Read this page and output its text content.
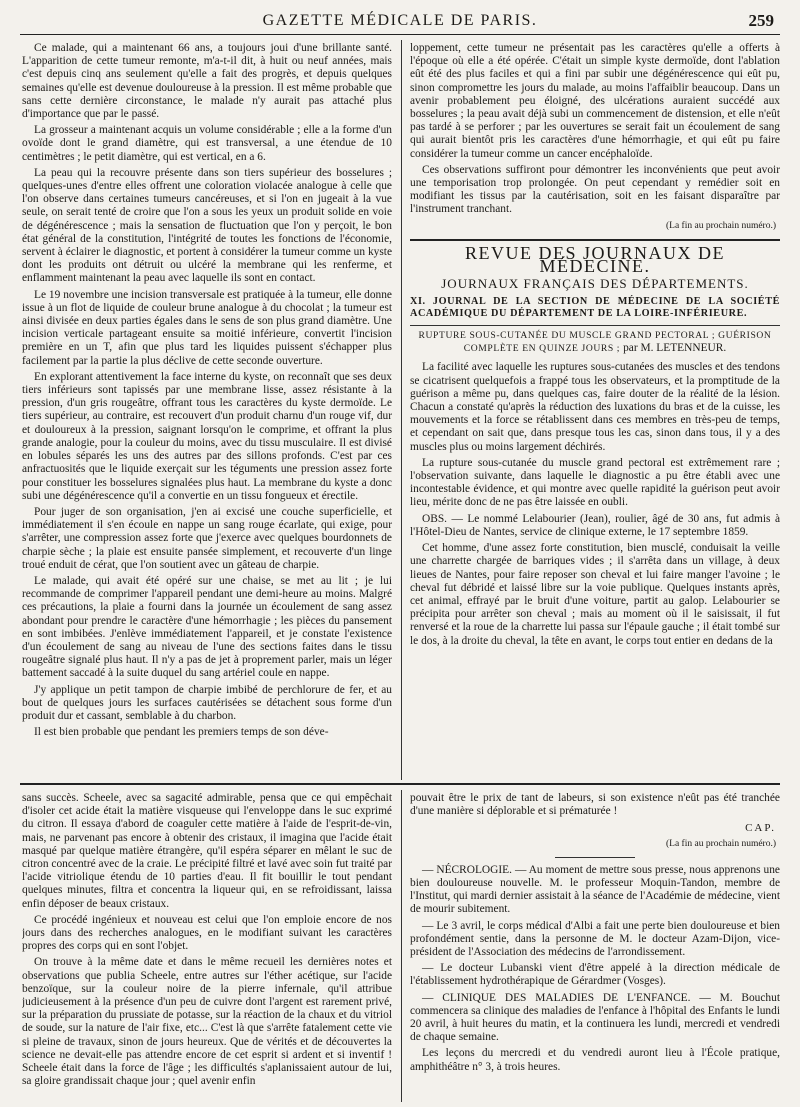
GAZETTE MÉDICALE DE PARIS.	259

Ce malade, qui a maintenant 66 ans, a toujours joui d'une brillante santé. L'apparition de cette tumeur remonte, m'a-t-il dit, à huit ou neuf années, mais c'est depuis cinq ans seulement qu'elle a fait des progrès, et depuis quelques semaines qu'elle est devenue douloureuse à la pression. Il est même probable que sans cette dernière circonstance, le malade n'y aurait pas attaché plus d'importance que par le passé.

La grosseur a maintenant acquis un volume considérable ; elle a la forme d'un ovoïde dont le grand diamètre, qui est transversal, a une étendue de 10 centimètres ; le petit diamètre, qui est vertical, en a 6.

La peau qui la recouvre présente dans son tiers supérieur des bosselures ; quelques-unes d'entre elles offrent une coloration violacée analogue à celle que l'on observe dans certaines tumeurs cancéreuses, et si l'on en jugeait à la vue seule, on serait tenté de croire que l'on a sous les yeux un produit solide en voie de dégénérescence ; mais la sensation de fluctuation que l'on y perçoit, le bon état général de la constitution, l'intégrité de toutes les fonctions de l'économie, servent à éclairer le diagnostic, et portent à considérer la tumeur comme un kyste dont les produits ont détruit ou ulcéré la membrane qui les renferme, et enflamment maintenant la peau avec laquelle ils sont en contact.

Le 19 novembre une incision transversale est pratiquée à la tumeur, elle donne issue à un flot de liquide de couleur brune analogue à du chocolat ; la tumeur est ainsi divisée en deux parties égales dans le sens de son plus grand diamètre. Une incision verticale partageant ensuite sa moitié inférieure, convertit l'incision première en un T, afin que plus tard les liquides puissent s'échapper plus facilement par la partie la plus déclive de cette seconde ouverture.

En explorant attentivement la face interne du kyste, on reconnaît que ses deux tiers inférieurs sont tapissés par une membrane lisse, assez résistante à la pression, d'un gris rougeâtre, offrant tous les caractères du kyste dermoïde. Le tiers supérieur, au contraire, est recouvert d'un produit charnu d'un rouge vif, dur et douloureux à la pression, saignant lorsqu'on le comprime, et offrant la plus grande analogie, pour la couleur du moins, avec du tissu musculaire. Il est divisé en lobules séparés les uns des autres par des sillons profonds. C'est par ces anfractuosités que le liquide exerçait sur les téguments une pression assez forte pour constituer les bosselures signalées plus haut. La membrane du kyste a donc subi une dégénérescence qu'il a convertie en un tissu fongueux et érectile.

Pour juger de son organisation, j'en ai excisé une couche superficielle, et immédiatement il s'en écoule en nappe un sang rouge écarlate, qui exige, pour s'arrêter, une compression assez forte que j'exerce avec quelques bourdonnets de charpie sèche ; la plaie est ensuite pansée simplement, et recouverte d'un linge troué enduit de cérat, que l'on soutient avec un gâteau de charpie.

Le malade, qui avait été opéré sur une chaise, se met au lit ; je lui recommande de comprimer l'appareil pendant une demi-heure au moins. Malgré ces précautions, la plaie a fourni dans la journée un écoulement de sang assez abondant pour prendre le caractère d'une hémorrhagie ; les pièces du pansement en sont imbibées. J'enlève immédiatement l'appareil, et je constate l'existence d'un écoulement de sang au niveau de l'une des sections faites dans le tissu rougeâtre signalé plus haut. Il n'y a pas de jet à proprement parler, mais un léger battement saccadé à la suite duquel du sang artériel coule en nappe.

J'y applique un petit tampon de charpie imbibé de perchlorure de fer, et au bout de quelques jours les surfaces cautérisées se détachent sous forme d'un produit dur et cassant, semblable à du charbon.

Il est bien probable que pendant les premiers temps de son déve-

loppement, cette tumeur ne présentait pas les caractères qu'elle a offerts à l'époque où elle a été opérée. C'était un simple kyste dermoïde, dont l'ablation eût été des plus faciles et qui a fini par subir une dégénérescence qui eût pu, sinon compromettre les jours du malade, au moins l'affaiblir beaucoup. Dans un avenir probablement peu éloigné, des ulcérations auraient succédé aux bosselures ; la peau avait déjà subi un commencement de distension, et elle n'eût pas tardé à se perforer ; par les ouvertures se serait fait un écoulement de sang qui aurait bientôt pris les caractères d'une hémorrhagie, et qui eût pu faire considérer la tumeur comme un cancer encéphaloïde.

Ces observations suffiront pour démontrer les inconvénients que peut avoir une temporisation trop prolongée. On peut cependant y remédier soit en modifiant les tissus par la cautérisation, soit en les faisant disparaître par l'instrument tranchant.

(La fin au prochain numéro.)
REVUE DES JOURNAUX DE MÉDECINE.
JOURNAUX FRANÇAIS DES DÉPARTEMENTS.
XI. JOURNAL DE LA SECTION DE MÉDECINE DE LA SOCIÉTÉ ACADÉMIQUE DU DÉPARTEMENT DE LA LOIRE-INFÉRIEURE.
RUPTURE SOUS-CUTANÉE DU MUSCLE GRAND PECTORAL ; GUÉRISON COMPLÈTE EN QUINZE JOURS ; par M. LETENNEUR.

La facilité avec laquelle les ruptures sous-cutanées des muscles et des tendons se cicatrisent quelquefois a frappé tous les observateurs, et la promptitude de la guérison a même pu, dans quelques cas, faire douter de la réalité de la lésion. Chacun a constaté qu'après la réduction des luxations du bras et de la cuisse, les mouvements et la force se rétablissent dans ces membres en très-peu de temps, et cependant on sait que, dans presque tous les cas, sinon dans tous, il y a des muscles plus ou moins largement déchirés.

La rupture sous-cutanée du muscle grand pectoral est extrêmement rare ; l'observation suivante, dans laquelle le diagnostic a pu être établi avec une incontestable évidence, et qui montre avec quelle rapidité la guérison peut avoir lieu, mérite donc de ne pas être laissée en oubli.

OBS. — Le nommé Lelabourier (Jean), roulier, âgé de 30 ans, fut admis à l'Hôtel-Dieu de Nantes, service de clinique externe, le 17 septembre 1859.

Cet homme, d'une assez forte constitution, bien musclé, conduisait la veille une charrette chargée de barriques vides ; il s'arrêta dans un village, à deux lieues de Nantes, pour faire reposer son cheval et lui faire manger l'avoine ; le cheval fut débridé et laissé libre sur la voie publique. Quelques instants après, cet animal, effrayé par le bruit d'une voiture, partit au galop. Lelabourier se précipita pour arrêter son cheval ; mais au moment où il le saisissait, il fut renversé et la roue de la charrette lui passa sur l'épaule gauche ; il était tombé sur le dos, à la droite du cheval, la tête en avant, le corps tout entier en dedans de la

sans succès. Scheele, avec sa sagacité admirable, pensa que ce qui empêchait d'isoler cet acide était la matière visqueuse qui l'enveloppe dans le suc exprimé du citron. Il essaya d'abord de coaguler cette matière à l'aide de l'esprit-de-vin, mais, ne parvenant pas encore à obtenir des cristaux, il imagina que l'acide était masqué par quelque matière étrangère, qu'il espéra séparer en mêlant le suc de citron concentré avec de la craie. Le précipité filtré et lavé avec soin fut traité par l'acide vitriolique étendu de 10 parties d'eau. Il fit bouillir le tout pendant quelques minutes, filtra et concentra la liqueur qui, en se refroidissant, laissa enfin déposer de beaux cristaux.

Ce procédé ingénieux et nouveau est celui que l'on emploie encore de nos jours dans des recherches analogues, en le modifiant suivant les caractères propres des corps qui en sont l'objet.

On trouve à la même date et dans le même recueil les dernières notes et observations que publia Scheele, entre autres sur l'éther acétique, sur l'acide benzoïque, sur la couleur noire de la pierre infernale, qu'il attribue judicieusement à la présence d'un peu de cuivre dont l'argent est rarement privé, sur la préparation du prussiate de potasse, sur la réaction de la chaux et du vitriol de soude, sur la nature de l'air fixe, etc... C'est là que s'arrête fatalement cette vie si pleine de travaux, sinon de jours heureux. Que de vérités et de découvertes la science ne devait-elle pas attendre encore de cet esprit si ardent et si inventif ! Scheele était dans la force de l'âge ; les difficultés s'aplanissaient autour de lui, sa gloire grandissait chaque jour ; quel avenir enfin

pouvait être le prix de tant de labeurs, si son existence n'eût pas été tranchée d'une manière si déplorable et si prématurée !

CAP.
(La fin au prochain numéro.)

— NÉCROLOGIE. — Au moment de mettre sous presse, nous apprenons une bien douloureuse nouvelle. M. le professeur Moquin-Tandon, membre de l'Institut, qui mardi dernier assistait à la séance de l'Académie de médecine, vient de mourir subitement.

— Le 3 avril, le corps médical d'Albi a fait une perte bien douloureuse et bien profondément sentie, dans la personne de M. le docteur Azam-Dijon, vice-président de l'Association des médecins de l'arrondissement.

— Le docteur Lubanski vient d'être appelé à la direction médicale de l'établissement hydrothérapique de Gérardmer (Vosges).

— CLINIQUE DES MALADIES DE L'ENFANCE. — M. Bouchut commencera sa clinique des maladies de l'enfance à l'hôpital des Enfants le lundi 20 avril, à huit heures du matin, et la continuera les lundi, mercredi et vendredi de chaque semaine.

Les leçons du mercredi et du vendredi auront lieu à l'École pratique, amphithéâtre n° 3, à trois heures.
